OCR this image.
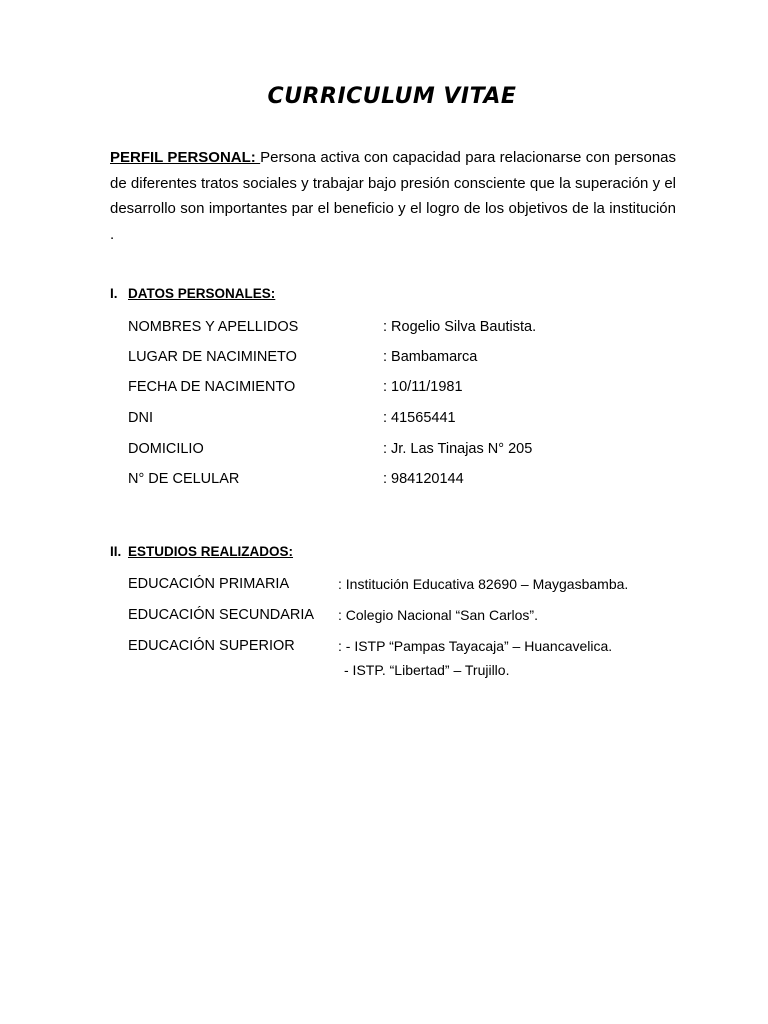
CURRICULUM VITAE
PERFIL PERSONAL: Persona activa con capacidad para relacionarse con personas de diferentes tratos sociales y trabajar bajo presión consciente que la superación y el desarrollo son importantes par el beneficio y el logro de los objetivos de la institución .
I. DATOS PERSONALES:
NOMBRES Y APELLIDOS	: Rogelio Silva Bautista.
LUGAR DE NACIMINETO	: Bambamarca
FECHA DE NACIMIENTO	: 10/11/1981
DNI	: 41565441
DOMICILIO	: Jr. Las Tinajas N° 205
N° DE CELULAR	: 984120144
II. ESTUDIOS REALIZADOS:
EDUCACIÓN PRIMARIA	: Institución Educativa 82690 – Maygasbamba.
EDUCACIÓN SECUNDARIA : Colegio Nacional “San Carlos”.
EDUCACIÓN SUPERIOR	: - ISTP “Pampas Tayacaja” – Huancavelica.
- ISTP. “Libertad” – Trujillo.
